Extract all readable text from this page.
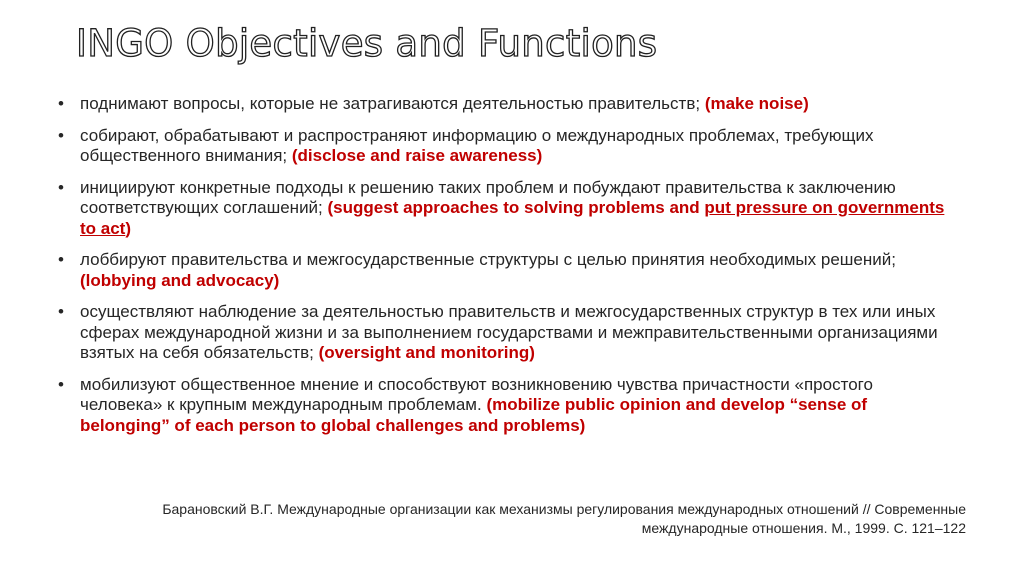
INGO Objectives and Functions
• поднимают вопросы, которые не затрагиваются деятельностью правительств; (make noise)
• собирают, обрабатывают и распространяют информацию о международных проблемах, требующих общественного внимания; (disclose and raise awareness)
• инициируют конкретные подходы к решению таких проблем и побуждают правительства к заключению соответствующих соглашений; (suggest approaches to solving problems and put pressure on governments to act)
• лоббируют правительства и межгосударственные структуры с целью принятия необходимых решений; (lobbying and advocacy)
• осуществляют наблюдение за деятельностью правительств и межгосударственных структур в тех или иных сферах международной жизни и за выполнением государствами и межправительственными организациями взятых на себя обязательств; (oversight and monitoring)
• мобилизуют общественное мнение и способствуют возникновению чувства причастности «простого человека» к крупным международным проблемам. (mobilize public opinion and develop “sense of belonging” of each person to global challenges and problems)
Барановский В.Г. Международные организации как механизмы регулирования международных отношений // Современные
международные отношения. М., 1999. С. 121–122
